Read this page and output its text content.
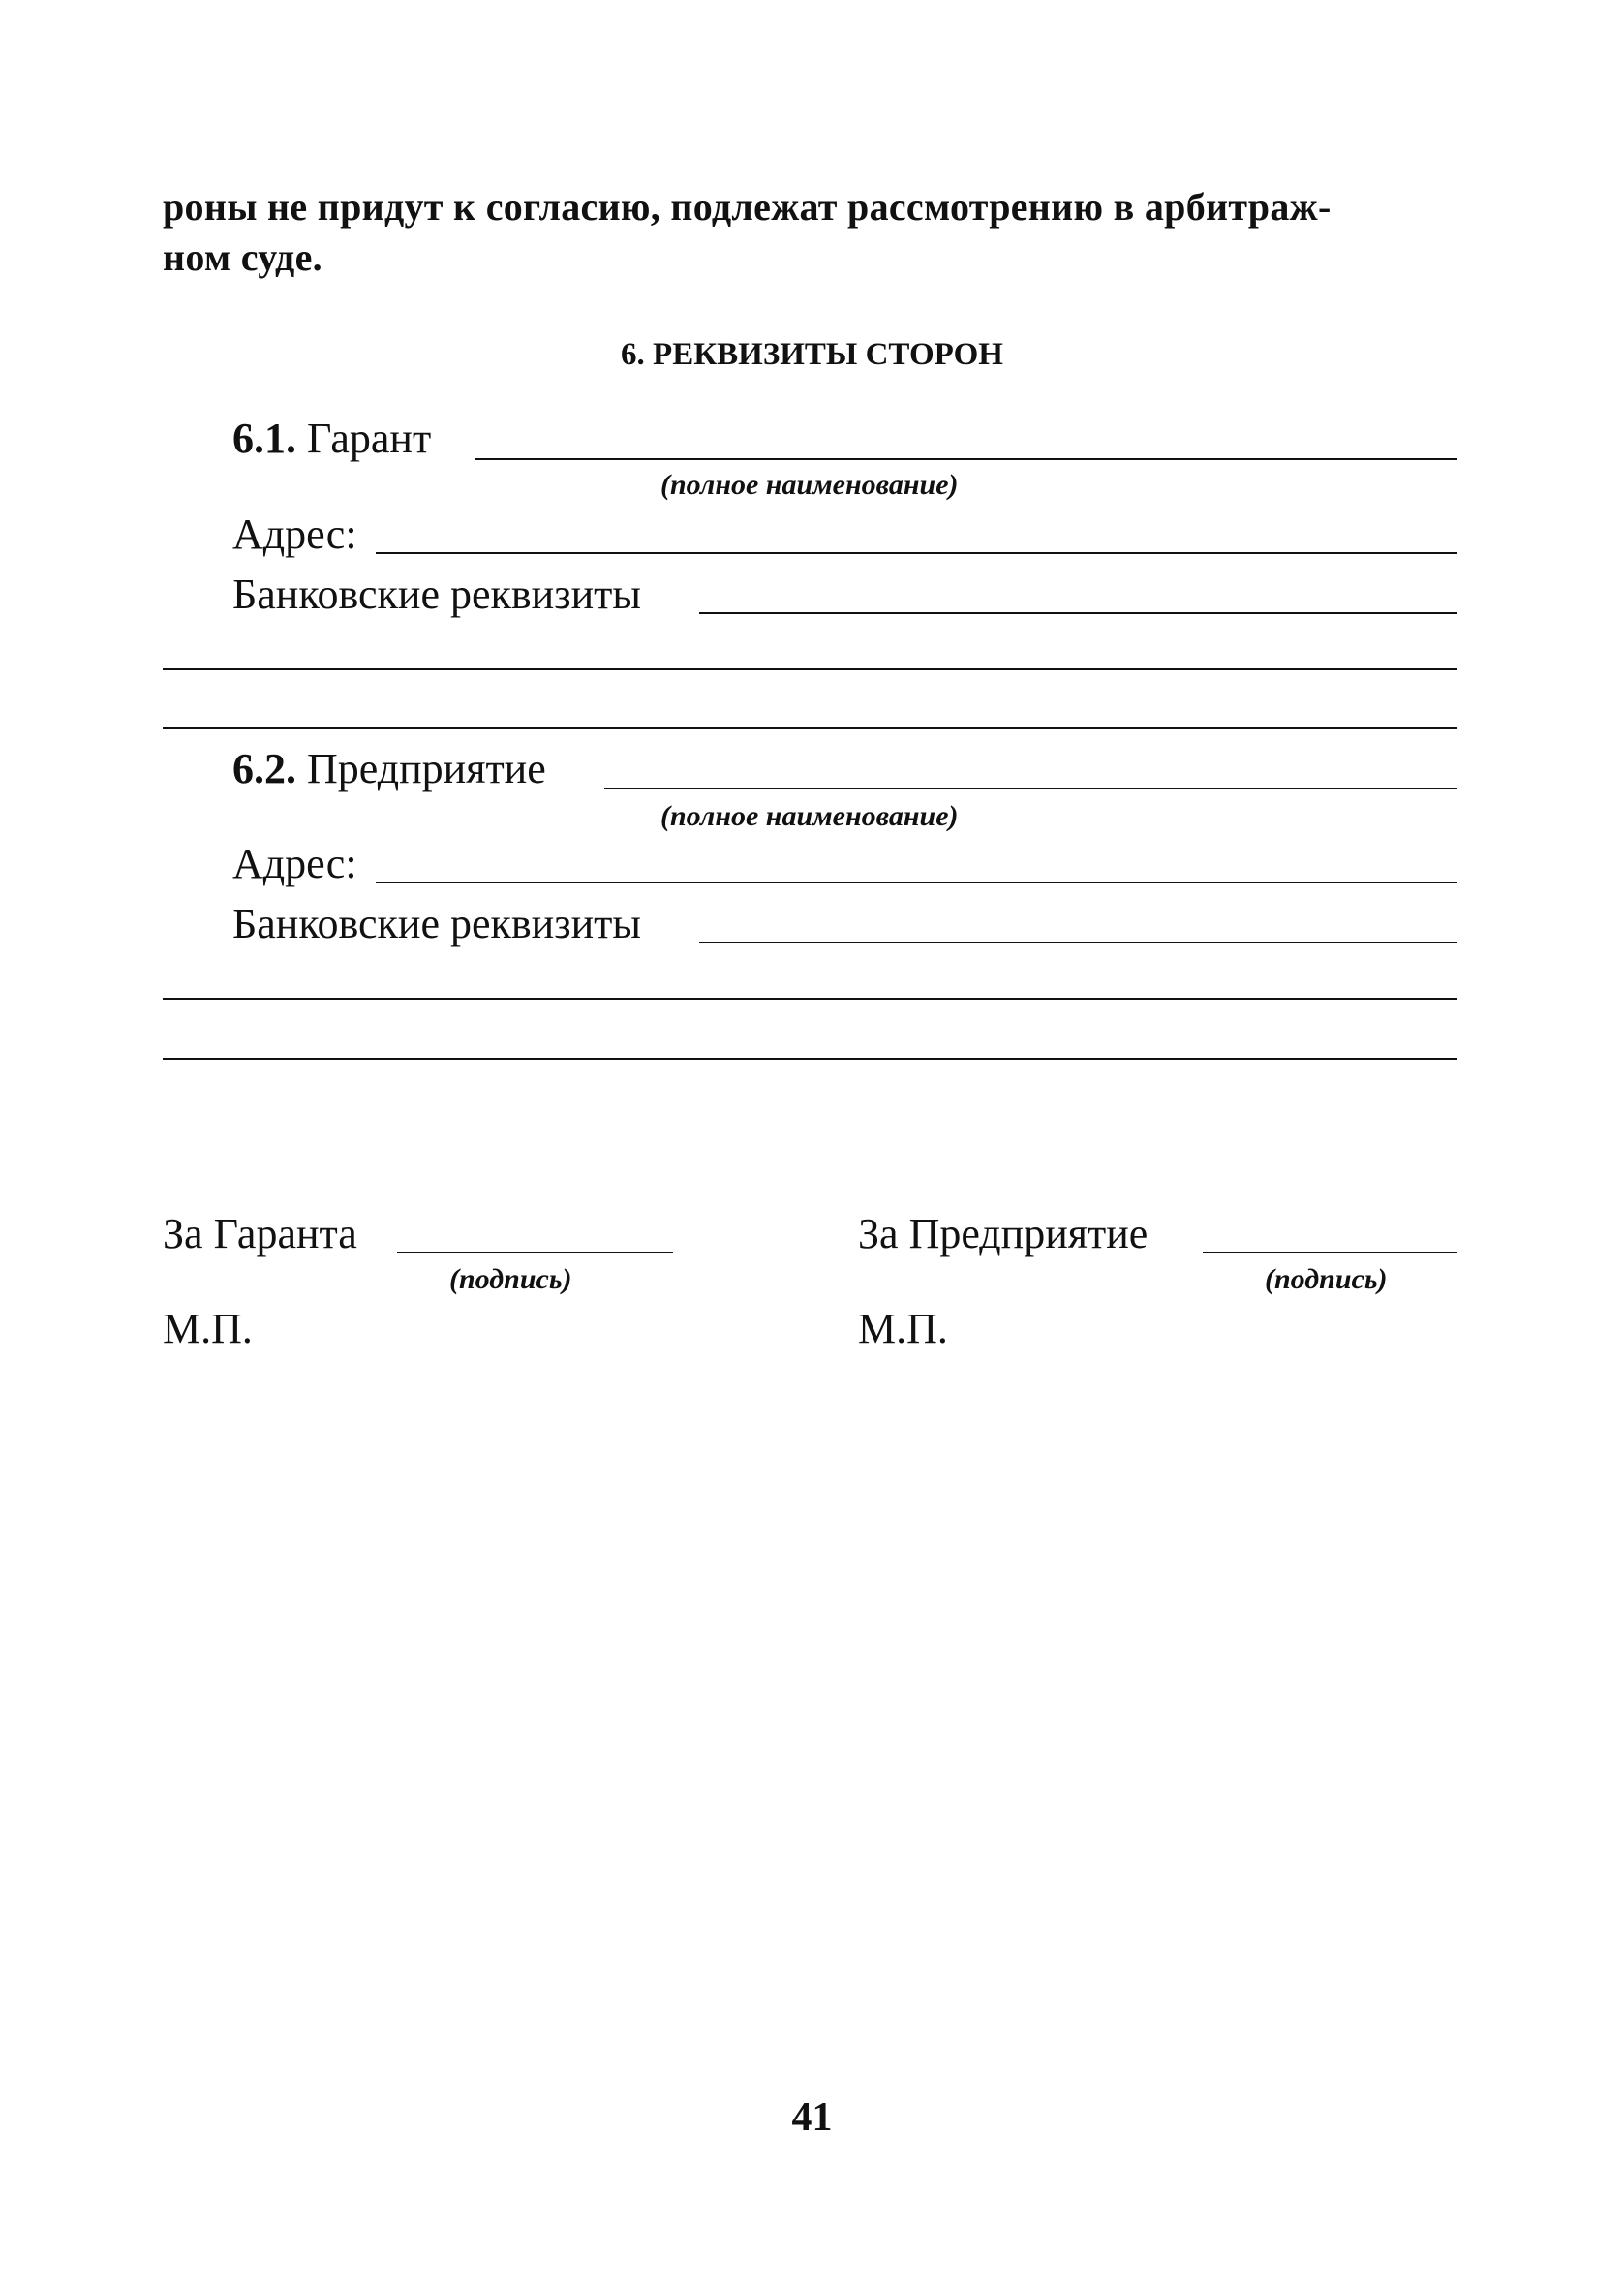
роны не придут к согласию, подлежат рассмотрению в арбитраж-
ном суде.
6. РЕКВИЗИТЫ СТОРОН
6.1. Гарант
(полное наименование)
Адрес:
Банковские реквизиты
6.2. Предприятие
(полное наименование)
Адрес:
Банковские реквизиты
За Гаранта
(подпись)
М.П.
За Предприятие
(подпись)
М.П.
41
